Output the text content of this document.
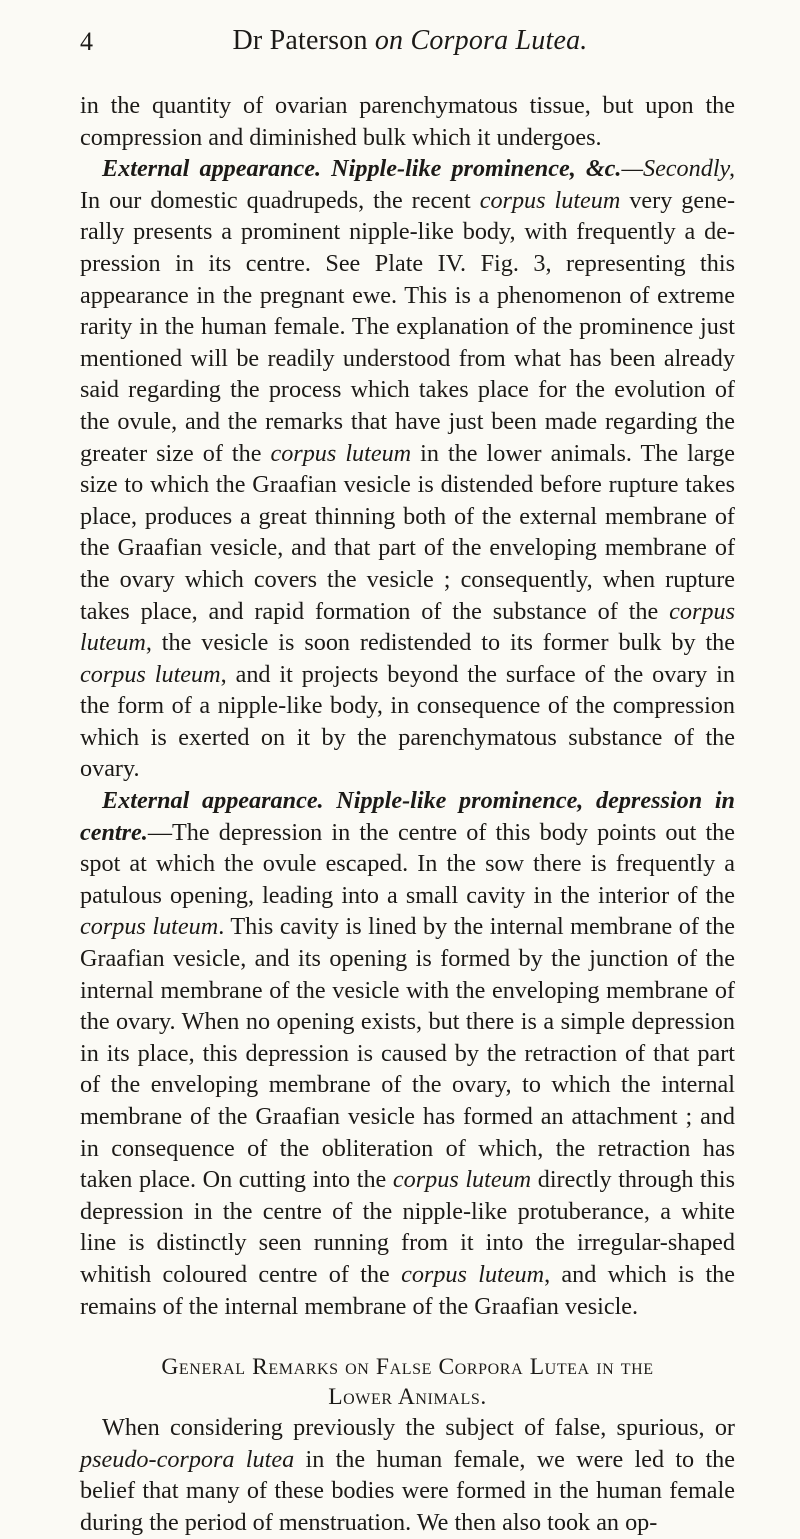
4	Dr Paterson on Corpora Lutea.

in the quantity of ovarian parenchymatous tissue, but upon the compression and diminished bulk which it undergoes.

External appearance. Nipple-like prominence, &c.—Secondly, In our domestic quadrupeds, the recent corpus luteum very generally presents a prominent nipple-like body, with frequently a depression in its centre. See Plate IV. Fig. 3, representing this appearance in the pregnant ewe. This is a phenomenon of extreme rarity in the human female. The explanation of the prominence just mentioned will be readily understood from what has been already said regarding the process which takes place for the evolution of the ovule, and the remarks that have just been made regarding the greater size of the corpus luteum in the lower animals. The large size to which the Graafian vesicle is distended before rupture takes place, produces a great thinning both of the external membrane of the Graafian vesicle, and that part of the enveloping membrane of the ovary which covers the vesicle ; consequently, when rupture takes place, and rapid formation of the substance of the corpus luteum, the vesicle is soon redistended to its former bulk by the corpus luteum, and it projects beyond the surface of the ovary in the form of a nipple-like body, in consequence of the compression which is exerted on it by the parenchymatous substance of the ovary.

External appearance. Nipple-like prominence, depression in centre.—The depression in the centre of this body points out the spot at which the ovule escaped. In the sow there is frequently a patulous opening, leading into a small cavity in the interior of the corpus luteum. This cavity is lined by the internal membrane of the Graafian vesicle, and its opening is formed by the junction of the internal membrane of the vesicle with the enveloping membrane of the ovary. When no opening exists, but there is a simple depression in its place, this depression is caused by the retraction of that part of the enveloping membrane of the ovary, to which the internal membrane of the Graafian vesicle has formed an attachment ; and in consequence of the obliteration of which, the retraction has taken place. On cutting into the corpus luteum directly through this depression in the centre of the nipple-like protuberance, a white line is distinctly seen running from it into the irregular-shaped whitish coloured centre of the corpus luteum, and which is the remains of the internal membrane of the Graafian vesicle.

General Remarks on False Corpora Lutea in the
Lower Animals.

When considering previously the subject of false, spurious, or pseudo-corpora lutea in the human female, we were led to the belief that many of these bodies were formed in the human female during the period of menstruation. We then also took an op-
